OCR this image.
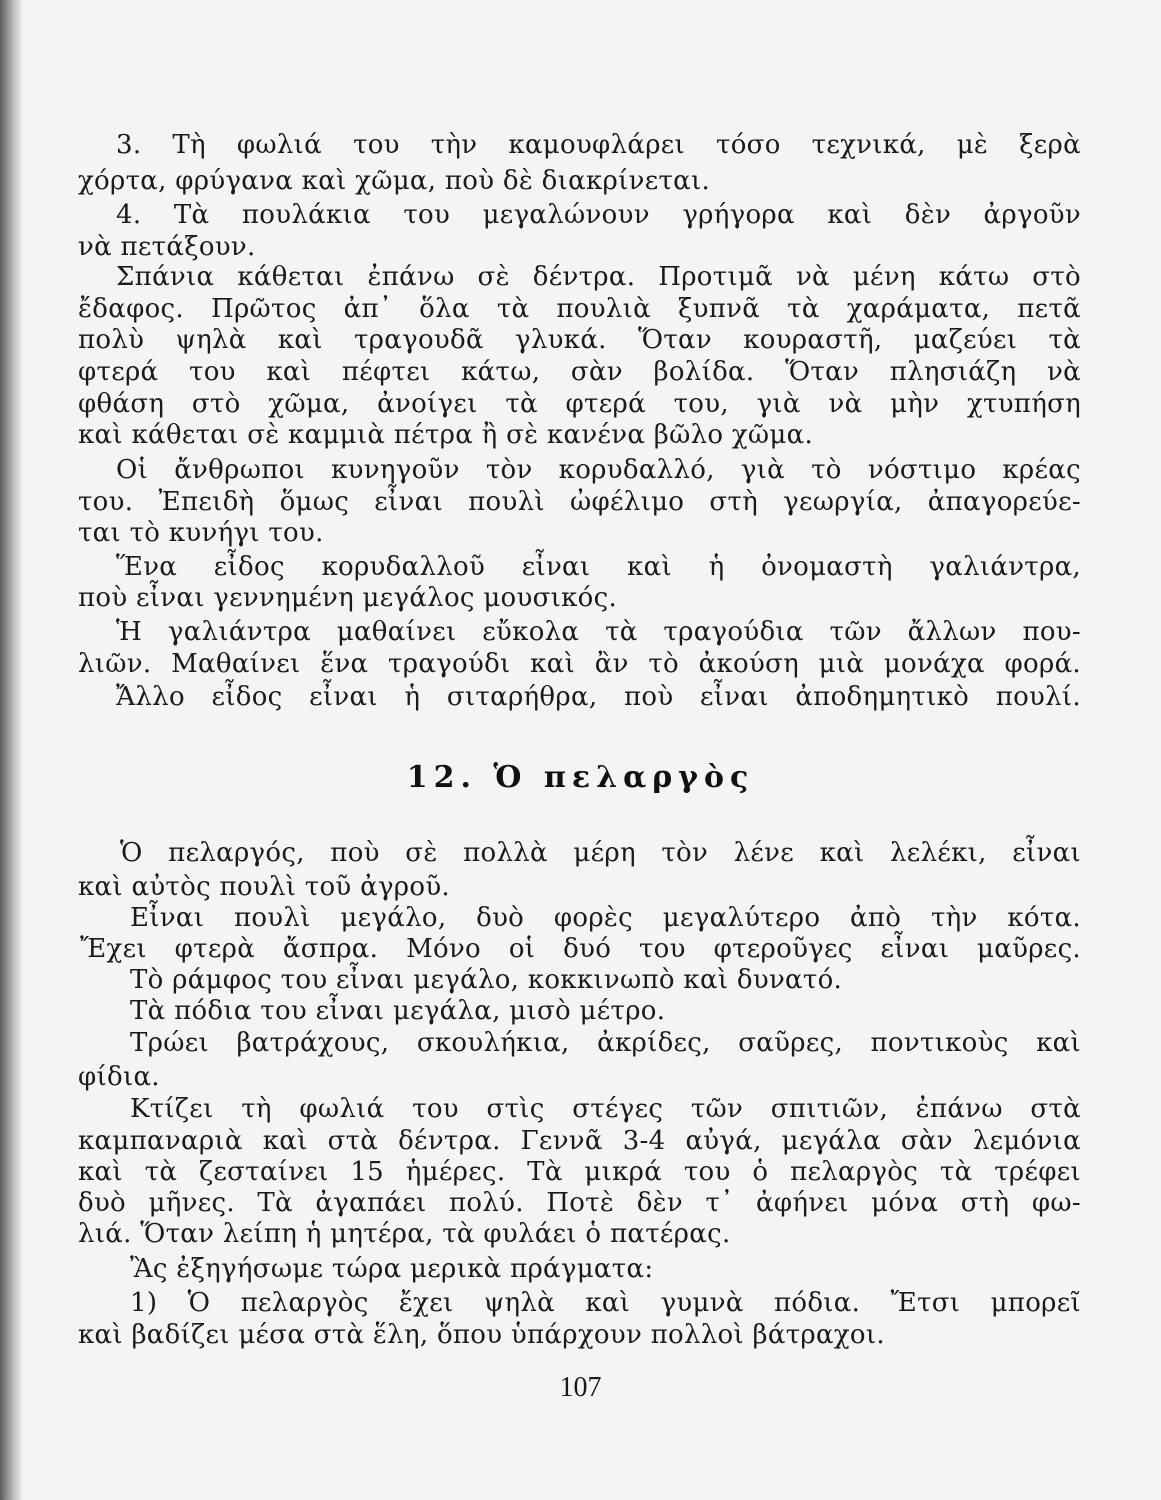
3. Τὴ φωλιά του τὴν καμουφλάρει τόσο τεχνικά, μὲ ξερὰ
χόρτα, φρύγανα καὶ χῶμα, ποὺ δὲ διακρίνεται.
4. Τὰ πουλάκια του μεγαλώνουν γρήγορα καὶ δὲν ἀργοῦν
νὰ πετάξουν.
Σπάνια κάθεται ἐπάνω σὲ δέντρα. Προτιμᾶ νὰ μένη κάτω στὸ
ἔδαφος. Πρῶτος ἀπ᾽ ὅλα τὰ πουλιὰ ξυπνᾶ τὰ χαράματα, πετᾶ
πολὺ ψηλὰ καὶ τραγουδᾶ γλυκά. Ὅταν κουραστῆ, μαζεύει τὰ
φτερά του καὶ πέφτει κάτω, σὰν βολίδα. Ὅταν πλησιάζη νὰ
φθάση στὸ χῶμα, ἀνοίγει τὰ φτερά του, γιὰ νὰ μὴν χτυπήση
καὶ κάθεται σὲ καμμιὰ πέτρα ἢ σὲ κανένα βῶλο χῶμα.
Οἱ ἄνθρωποι κυνηγοῦν τὸν κορυδαλλό, γιὰ τὸ νόστιμο κρέας
του. Ἐπειδὴ ὅμως εἶναι πουλὶ ὠφέλιμο στὴ γεωργία, ἀπαγορεύε-
ται τὸ κυνήγι του.
Ἕνα εἶδος κορυδαλλοῦ εἶναι καὶ ἡ ὀνομαστὴ γαλιάντρα,
ποὺ εἶναι γεννημένη μεγάλος μουσικός.
Ἡ γαλιάντρα μαθαίνει εὔκολα τὰ τραγούδια τῶν ἄλλων που-
λιῶν. Μαθαίνει ἕνα τραγούδι καὶ ἂν τὸ ἀκούση μιὰ μονάχα φορά.
Ἄλλο εἶδος εἶναι ἡ σιταρήθρα, ποὺ εἶναι ἀποδημητικὸ πουλί.
12. Ὁ πελαργὸς
Ὁ πελαργός, ποὺ σὲ πολλὰ μέρη τὸν λένε καὶ λελέκι, εἶναι
καὶ αὐτὸς πουλὶ τοῦ ἀγροῦ.
Εἶναι πουλὶ μεγάλο, δυὸ φορὲς μεγαλύτερο ἀπὸ τὴν κότα.
Ἔχει φτερὰ ἄσπρα. Μόνο οἱ δυό του φτεροῦγες εἶναι μαῦρες.
Τὸ ράμφος του εἶναι μεγάλο, κοκκινωπὸ καὶ δυνατό.
Τὰ πόδια του εἶναι μεγάλα, μισὸ μέτρο.
Τρώει βατράχους, σκουλήκια, ἀκρίδες, σαῦρες, ποντικοὺς καὶ
φίδια.
Κτίζει τὴ φωλιά του στὶς στέγες τῶν σπιτιῶν, ἐπάνω στὰ
καμπαναριὰ καὶ στὰ δέντρα. Γεννᾶ 3-4 αὐγά, μεγάλα σὰν λεμόνια
καὶ τὰ ζεσταίνει 15 ἡμέρες. Τὰ μικρά του ὁ πελαργὸς τὰ τρέφει
δυὸ μῆνες. Τὰ ἀγαπάει πολύ. Ποτὲ δὲν τ᾽ ἀφήνει μόνα στὴ φω-
λιά. Ὅταν λείπη ἡ μητέρα, τὰ φυλάει ὁ πατέρας.
Ἂς ἐξηγήσωμε τώρα μερικὰ πράγματα:
1) Ὁ πελαργὸς ἔχει ψηλὰ καὶ γυμνὰ πόδια. Ἔτσι μπορεῖ
καὶ βαδίζει μέσα στὰ ἕλη, ὅπου ὑπάρχουν πολλοὶ βάτραχοι.
107
